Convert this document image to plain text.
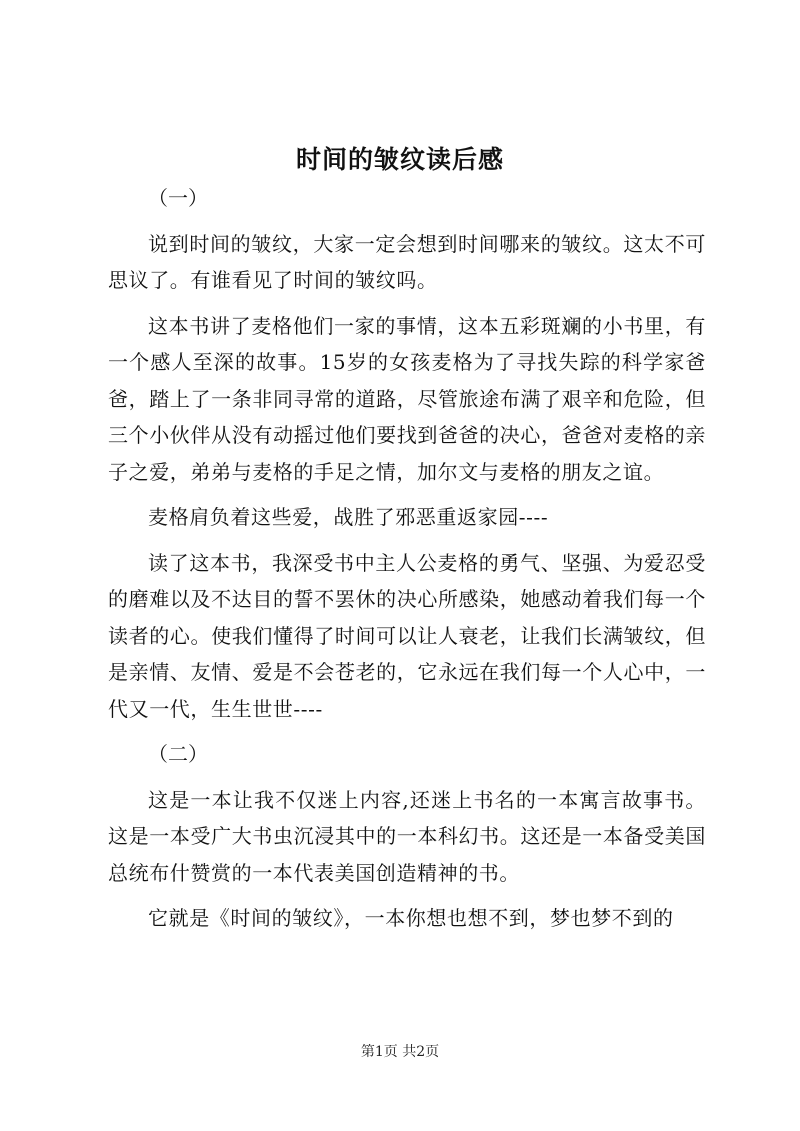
时间的皱纹读后感
（一）

说到时间的皱纹，大家一定会想到时间哪来的皱纹。这太不可思议了。有谁看见了时间的皱纹吗。

这本书讲了麦格他们一家的事情，这本五彩斑斓的小书里，有一个感人至深的故事。15岁的女孩麦格为了寻找失踪的科学家爸爸，踏上了一条非同寻常的道路，尽管旅途布满了艰辛和危险，但三个小伙伴从没有动摇过他们要找到爸爸的决心，爸爸对麦格的亲子之爱，弟弟与麦格的手足之情，加尔文与麦格的朋友之谊。

麦格肩负着这些爱，战胜了邪恶重返家园----

读了这本书，我深受书中主人公麦格的勇气、坚强、为爱忍受的磨难以及不达目的誓不罢休的决心所感染，她感动着我们每一个读者的心。使我们懂得了时间可以让人衰老，让我们长满皱纹，但是亲情、友情、爱是不会苍老的，它永远在我们每一个人心中，一代又一代，生生世世----

（二）

这是一本让我不仅迷上内容,还迷上书名的一本寓言故事书。这是一本受广大书虫沉浸其中的一本科幻书。这还是一本备受美国总统布什赞赏的一本代表美国创造精神的书。

它就是《时间的皱纹》，一本你想也想不到，梦也梦不到的

第1页 共2页
